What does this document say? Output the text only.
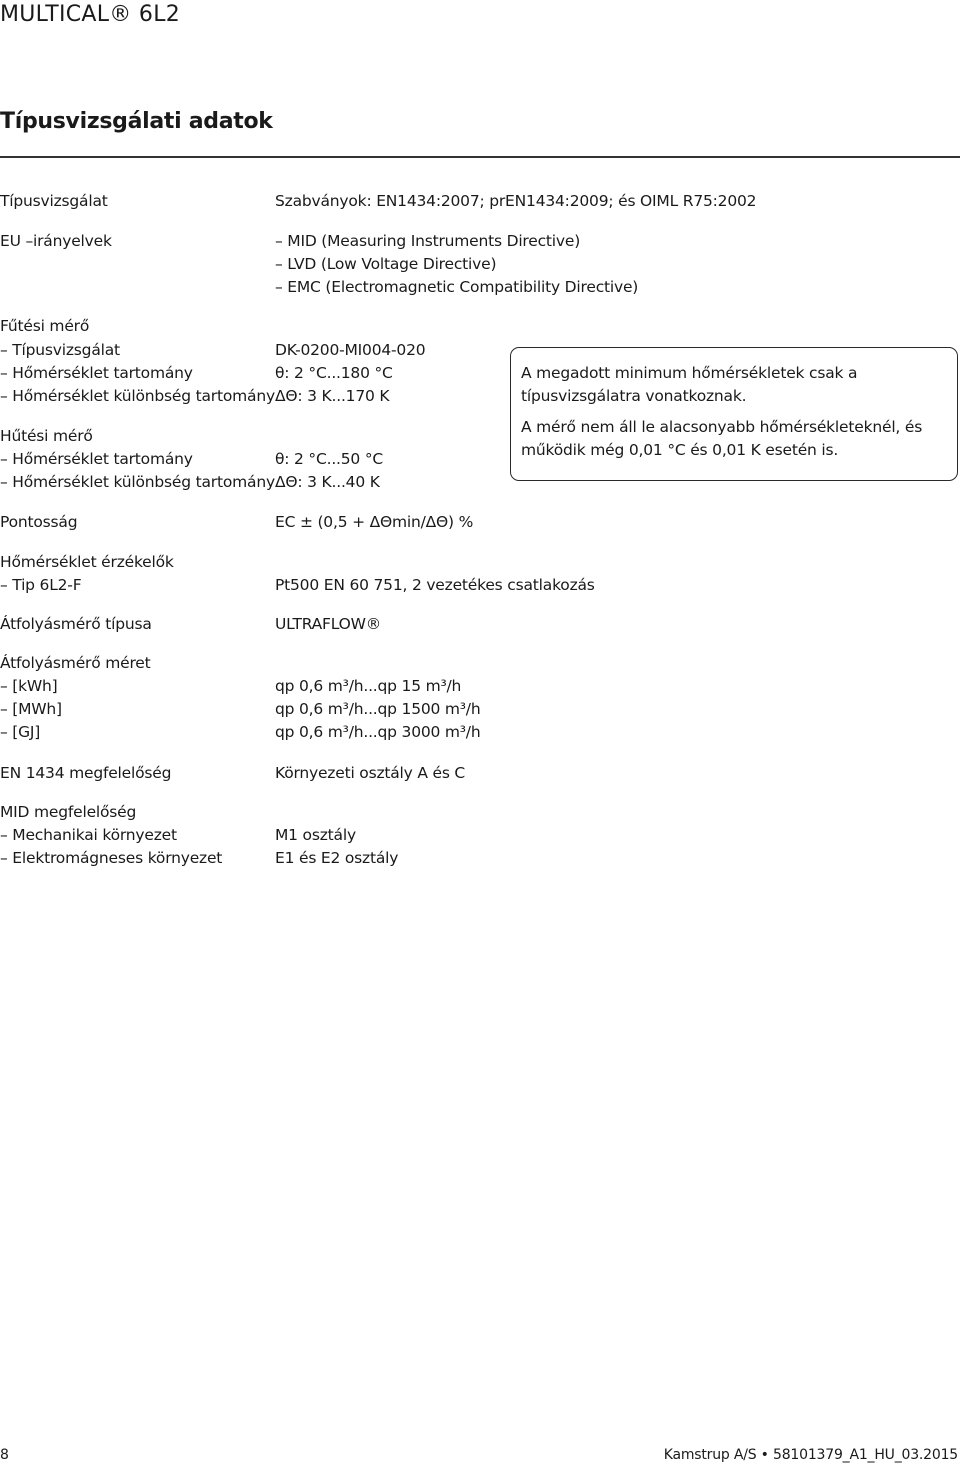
MULTICAL® 6L2
Típusvizsgálati adatok
Típusvizsgálat	Szabványok: EN1434:2007; prEN1434:2009; és OIML R75:2002
EU –irányelvek	– MID (Measuring Instruments Directive)
– LVD (Low Voltage Directive)
– EMC (Electromagnetic Compatibility Directive)
Fűtési mérő
– Típusvizsgálat	DK-0200-MI004-020
– Hőmérséklet tartomány	θ: 2 °C...180 °C
– Hőmérséklet különbség tartomány ΔΘ: 3 K...170 K
Hűtési mérő
– Hőmérséklet tartomány	θ: 2 °C...50 °C
– Hőmérséklet különbség tartomány ΔΘ: 3 K...40 K
Pontosság	EC ± (0,5 + ΔΘmin/ΔΘ) %
Hőmérséklet érzékelők
– Tip 6L2-F	Pt500 EN 60 751, 2 vezetékes csatlakozás
Átfolyásmérő típusa	ULTRAFLOW®
Átfolyásmérő méret
– [kWh]	qp 0,6 m³/h...qp 15 m³/h
– [MWh]	qp 0,6 m³/h...qp 1500 m³/h
– [GJ]	qp 0,6 m³/h...qp 3000 m³/h
EN 1434 megfelelőség	Környezeti osztály A és C
MID megfelelőség
– Mechanikai környezet	M1 osztály
– Elektromágneses környezet	E1 és E2 osztály

A megadott minimum hőmérsékletek csak a

típusvizsgálatra vonatkoznak.

A mérő nem áll le alacsonyabb hőmérsékleteknél, és

működik még 0,01 °C és 0,01 K esetén is.

8	Kamstrup A/S • 58101379_A1_HU_03.2015
